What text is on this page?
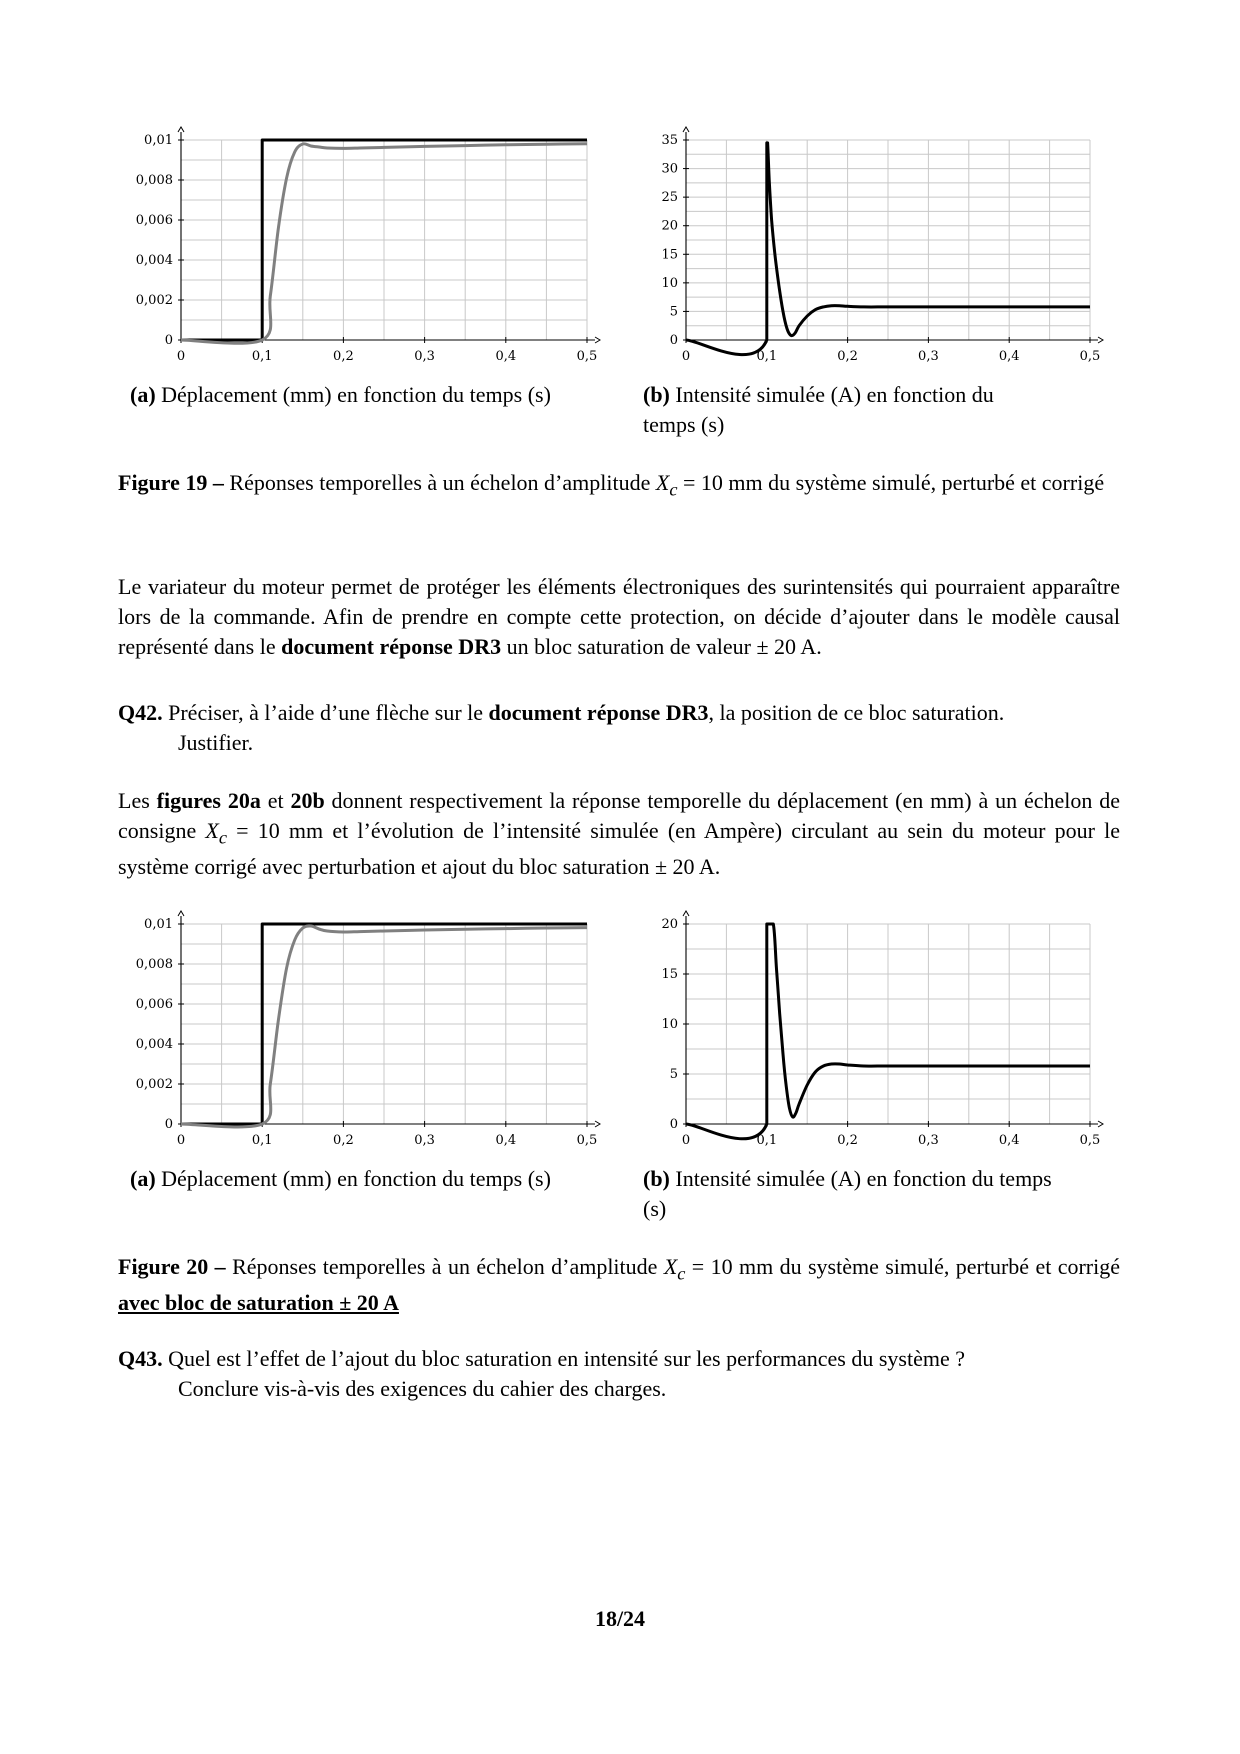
0	0,1	0,2	0,3	0,4	0,5
0
0,002
0,004
0,006
0,008
0,01
0	0,1	0,2	0,3	0,4	0,5
0
5
10
15
20
25
30
35
(a) Déplacement (mm) en fonction du temps (s)	(b) Intensité simulée (A) en fonction du temps (s)
Figure 19 – Réponses temporelles à un échelon d’amplitude $X_c = 10$ mm du système simulé, perturbé et corrigé
Le variateur du moteur permet de protéger les éléments électroniques des surintensités qui pourraient apparaître lors de la commande. Afin de prendre en compte cette protection, on décide d’ajouter dans le modèle causal représenté dans le document réponse DR3 un bloc saturation de valeur ± 20 A.
Q42. Préciser, à l’aide d’une flèche sur le document réponse DR3, la position de ce bloc saturation.
Justifier.
Les figures 20a et 20b donnent respectivement la réponse temporelle du déplacement (en mm) à un échelon de consigne $X_c = 10$ mm et l’évolution de l’intensité simulée (en Ampère) circulant au sein du moteur pour le système corrigé avec perturbation et ajout du bloc saturation ± 20 A.
0	0,1	0,2	0,3	0,4	0,5
0
0,002
0,004
0,006
0,008
0,01
0	0,1	0,2	0,3	0,4	0,5
0
5
10
15
20
(a) Déplacement (mm) en fonction du temps (s)	(b) Intensité simulée (A) en fonction du temps (s)
Figure 20 – Réponses temporelles à un échelon d’amplitude $X_c = 10$ mm du système simulé, perturbé et corrigé avec bloc de saturation ± 20 A
Q43. Quel est l’effet de l’ajout du bloc saturation en intensité sur les performances du système ?
Conclure vis-à-vis des exigences du cahier des charges.
18/24
